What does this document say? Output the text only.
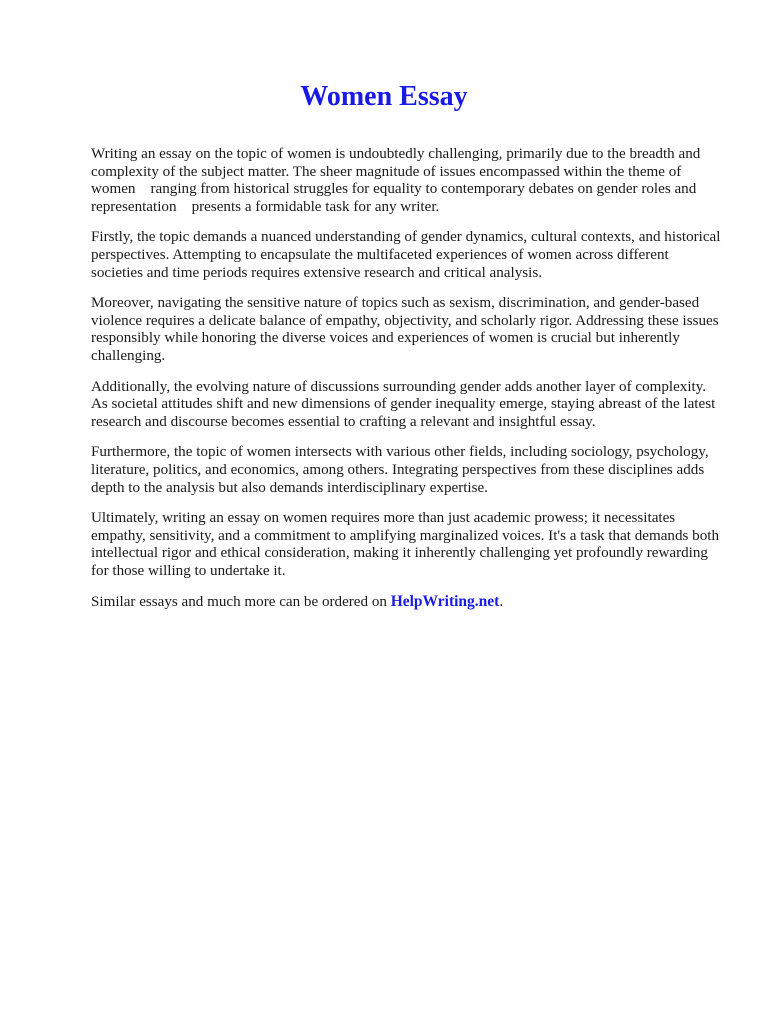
Women Essay

Writing an essay on the topic of women is undoubtedly challenging, primarily due to the breadth and complexity of the subject matter. The sheer magnitude of issues encompassed within the theme of women    ranging from historical struggles for equality to contemporary debates on gender roles and representation    presents a formidable task for any writer.

Firstly, the topic demands a nuanced understanding of gender dynamics, cultural contexts, and historical perspectives. Attempting to encapsulate the multifaceted experiences of women across different societies and time periods requires extensive research and critical analysis.

Moreover, navigating the sensitive nature of topics such as sexism, discrimination, and gender-based violence requires a delicate balance of empathy, objectivity, and scholarly rigor. Addressing these issues responsibly while honoring the diverse voices and experiences of women is crucial but inherently challenging.

Additionally, the evolving nature of discussions surrounding gender adds another layer of complexity. As societal attitudes shift and new dimensions of gender inequality emerge, staying abreast of the latest research and discourse becomes essential to crafting a relevant and insightful essay.

Furthermore, the topic of women intersects with various other fields, including sociology, psychology, literature, politics, and economics, among others. Integrating perspectives from these disciplines adds depth to the analysis but also demands interdisciplinary expertise.

Ultimately, writing an essay on women requires more than just academic prowess; it necessitates empathy, sensitivity, and a commitment to amplifying marginalized voices. It's a task that demands both intellectual rigor and ethical consideration, making it inherently challenging yet profoundly rewarding for those willing to undertake it.

Similar essays and much more can be ordered on HelpWriting.net.
